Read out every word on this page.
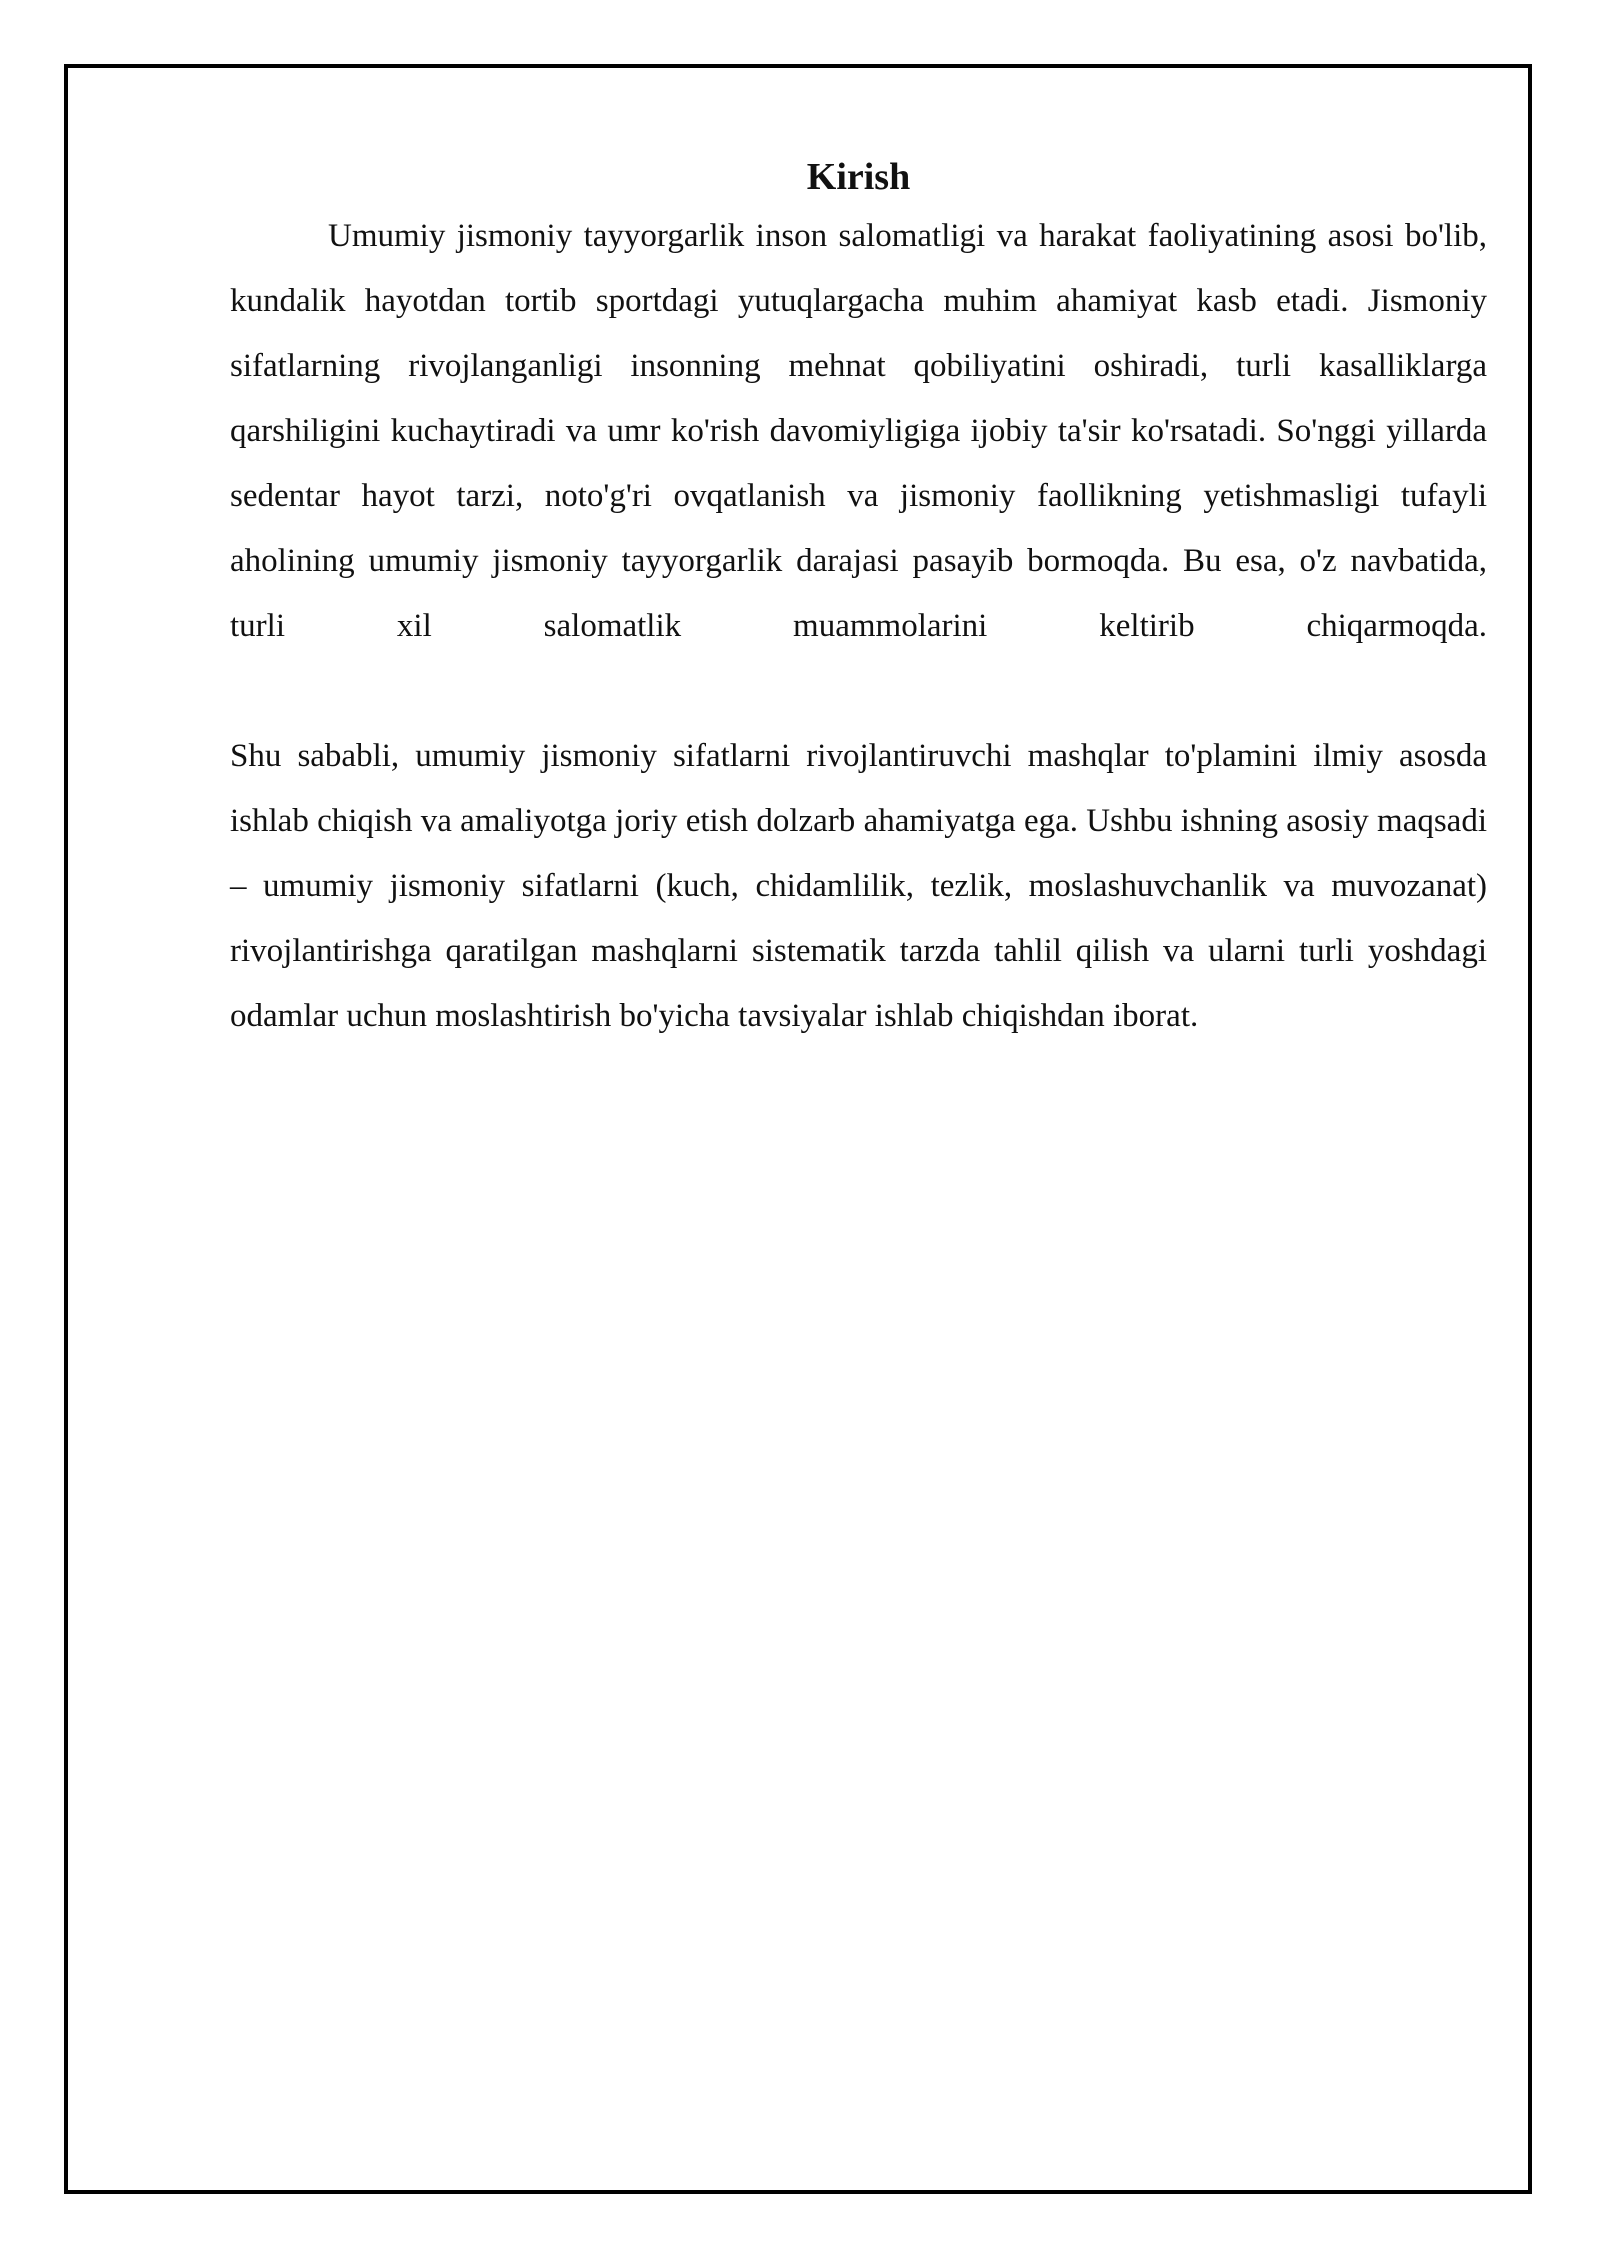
Kirish

Umumiy jismoniy tayyorgarlik inson salomatligi va harakat faoliyatining asosi bo'lib, kundalik hayotdan tortib sportdagi yutuqlargacha muhim ahamiyat kasb etadi. Jismoniy sifatlarning rivojlanganligi insonning mehnat qobiliyatini oshiradi, turli kasalliklarga qarshiligini kuchaytiradi va umr ko'rish davomiyligiga ijobiy ta'sir ko'rsatadi. So'nggi yillarda sedentar hayot tarzi, noto'g'ri ovqatlanish va jismoniy faollikning yetishmasligi tufayli aholining umumiy jismoniy tayyorgarlik darajasi pasayib bormoqda. Bu esa, o'z navbatida, turli xil salomatlik muammolarini keltirib chiqarmoqda.

Shu sababli, umumiy jismoniy sifatlarni rivojlantiruvchi mashqlar to'plamini ilmiy asosda ishlab chiqish va amaliyotga joriy etish dolzarb ahamiyatga ega. Ushbu ishning asosiy maqsadi – umumiy jismoniy sifatlarni (kuch, chidamlilik, tezlik, moslashuvchanlik va muvozanat) rivojlantirishga qaratilgan mashqlarni sistematik tarzda tahlil qilish va ularni turli yoshdagi odamlar uchun moslashtirish bo'yicha tavsiyalar ishlab chiqishdan iborat.
